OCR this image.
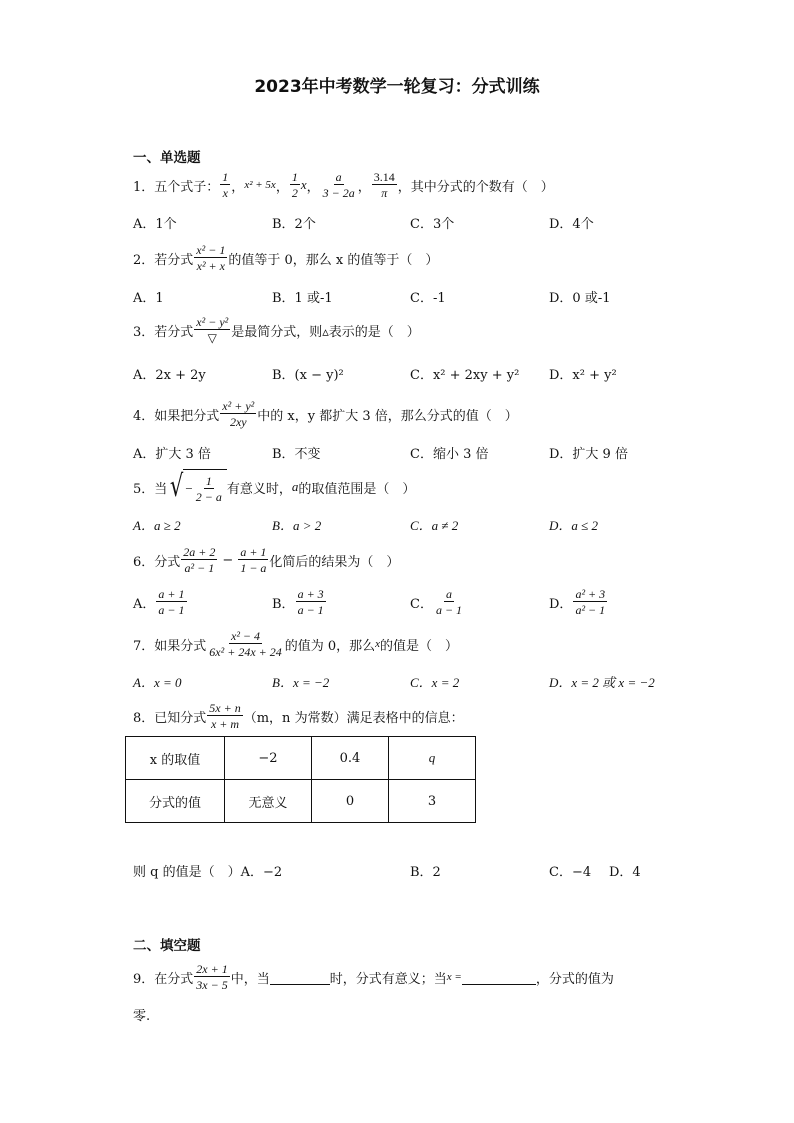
2023年中考数学一轮复习：分式训练
一、单选题
1． 五个式子： $\frac{1}{x}$ ， x² + 5x ， $\frac{1}{2}$ x ， $\frac{a}{3 - 2a}$ ， $\frac{3.14}{\pi}$ ，其中分式的个数有（　）
A．1个	B．2个	C．3个	D．4个
2． 若分式 $\frac{\text{x² − 1}}{\text{x² + x}}$ 的值等于 0，那么 x 的值等于（　）
A．1	B．1 或-1	C．-1	D．0 或-1
3． 若分式 $\frac{\text{x² − y²}}{▽}$ 是最简分式，则▵表示的是（　）
A．2x + 2y	B．(x − y)²	C．x² + 2xy + y² D．x² + y²
4． 如果把分式 $\frac{\text{x² + y²}}{2xy}$ 中的 x，y 都扩大 3 倍，那么分式的值（　）
A．扩大 3 倍	B．不变	C．缩小 3 倍	D．扩大 9 倍
5． 当 √ − $\frac{1}{2 - a}$ 有意义时， a 的取值范围是（　）
A．a ≥ 2	B．a > 2	C．a ≠ 2	D．a ≤ 2
6． 分式 $\frac{2a + 2}{\text{a² − 1}} - \frac{a + 1}{1 - a}$ 化简后的结果为（　）
A． $\frac{a + 1}{a - 1}$	B． $\frac{a + 3}{a - 1}$	C． $\frac{a}{a - 1}$	D． $\frac{\text{a² + 3}}{\text{a² − 1}}$
7． 如果分式 $\frac{\text{x² − 4}}{\text{6x² + 24x + 24}}$ 的值为 0，那么 x 的值是（　）
A．x = 0	B．x = −2	C．x = 2	D．x = 2 或 x = −2
8． 已知分式 $\frac{5x + n}{x + m} (m$，n 为常数）满足表格中的信息：
x 的取值	−2	0.4	q
分式的值	无意义	0	3
则 q 的值是（　）A．−2	B．2	C．−4 D．4
二、填空题
9． 在分式 $\frac{2x + 1}{3x - 5}$ 中，当
	时，分式有意义；当 x =
	，分式的值为
零.
